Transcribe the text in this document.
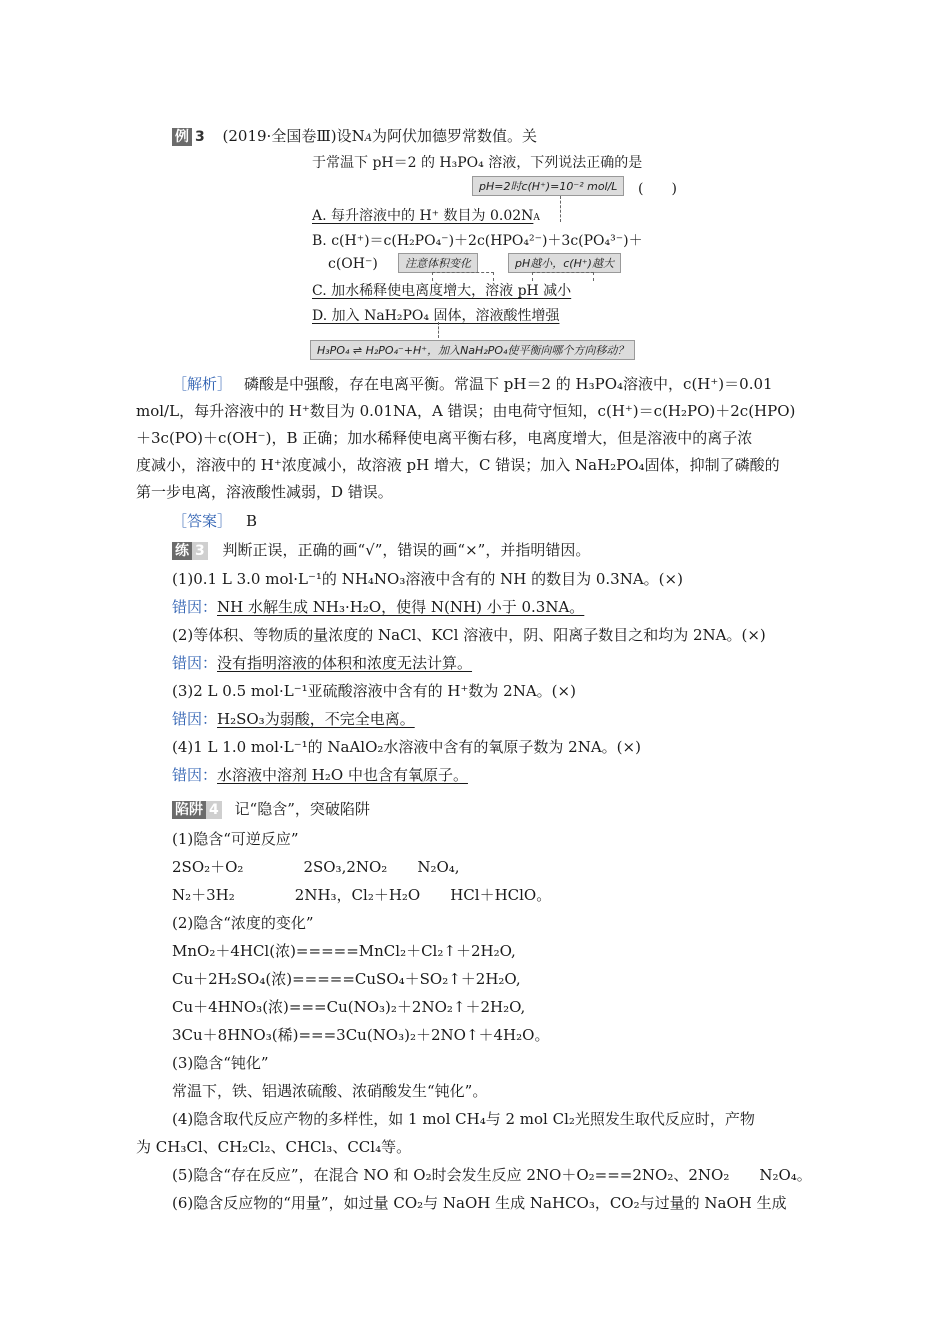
例 3 (2019·全国卷Ⅲ)设NA为阿伏加德罗常数值。关
于常温下 pH＝2 的 H₃PO₄ 溶液，下列说法正确的是
pH=2时c(H⁺)=10⁻² mol/L	(　　)
A. 每升溶液中的 H⁺ 数目为 0.02NA
B. c(H⁺)＝c(H₂PO₄⁻)＋2c(HPO₄²⁻)＋3c(PO₄³⁻)＋
c(OH⁻)	注意体积变化	pH越小，c(H⁺)越大
C. 加水稀释使电离度增大，溶液 pH 减小
D. 加入 NaH₂PO₄ 固体，溶液酸性增强
H₃PO₄ ⇌ H₂PO₄⁻+H⁺，加入NaH₂PO₄使平衡向哪个方向移动？
［解析］ 磷酸是中强酸，存在电离平衡。常温下 pH＝2 的 H₃PO₄溶液中，c(H⁺)＝0.01
mol/L，每升溶液中的 H⁺数目为 0.01NA，A 错误；由电荷守恒知，c(H⁺)＝c(H₂PO)＋2c(HPO)
＋3c(PO)＋c(OH⁻)，B 正确；加水稀释使电离平衡右移，电离度增大，但是溶液中的离子浓
度减小，溶液中的 H⁺浓度减小，故溶液 pH 增大，C 错误；加入 NaH₂PO₄固体，抑制了磷酸的
第一步电离，溶液酸性减弱，D 错误。
［答案］ B
练 3 判断正误，正确的画“√”，错误的画“×”，并指明错因。
(1)0.1 L 3.0 mol·L⁻¹的 NH₄NO₃溶液中含有的 NH 的数目为 0.3NA。(×)
错因：NH 水解生成 NH₃·H₂O，使得 N(NH) 小于 0.3NA。
(2)等体积、等物质的量浓度的 NaCl、KCl 溶液中，阴、阳离子数目之和均为 2NA。(×)
错因：没有指明溶液的体积和浓度无法计算。
(3)2 L 0.5 mol·L⁻¹亚硫酸溶液中含有的 H⁺数为 2NA。(×)
错因：H₂SO₃为弱酸，不完全电离。
(4)1 L 1.0 mol·L⁻¹的 NaAlO₂水溶液中含有的氧原子数为 2NA。(×)
错因：水溶液中溶剂 H₂O 中也含有氧原子。
陷阱 4 记“隐含”，突破陷阱
(1)隐含“可逆反应”
2SO₂＋O₂　　　　2SO₃,2NO₂　　N₂O₄,
N₂＋3H₂　　　　2NH₃，Cl₂＋H₂O　　HCl＋HClO。
(2)隐含“浓度的变化”
MnO₂＋4HCl(浓)=====MnCl₂＋Cl₂↑＋2H₂O,
Cu＋2H₂SO₄(浓)=====CuSO₄＋SO₂↑＋2H₂O,
Cu＋4HNO₃(浓)===Cu(NO₃)₂＋2NO₂↑＋2H₂O,
3Cu＋8HNO₃(稀)===3Cu(NO₃)₂＋2NO↑＋4H₂O。
(3)隐含“钝化”
常温下，铁、铝遇浓硫酸、浓硝酸发生“钝化”。
(4)隐含取代反应产物的多样性，如 1 mol CH₄与 2 mol Cl₂光照发生取代反应时，产物
为 CH₃Cl、CH₂Cl₂、CHCl₃、CCl₄等。
(5)隐含“存在反应”，在混合 NO 和 O₂时会发生反应 2NO＋O₂===2NO₂、2NO₂　　N₂O₄。
(6)隐含反应物的“用量”，如过量 CO₂与 NaOH 生成 NaHCO₃，CO₂与过量的 NaOH 生成
